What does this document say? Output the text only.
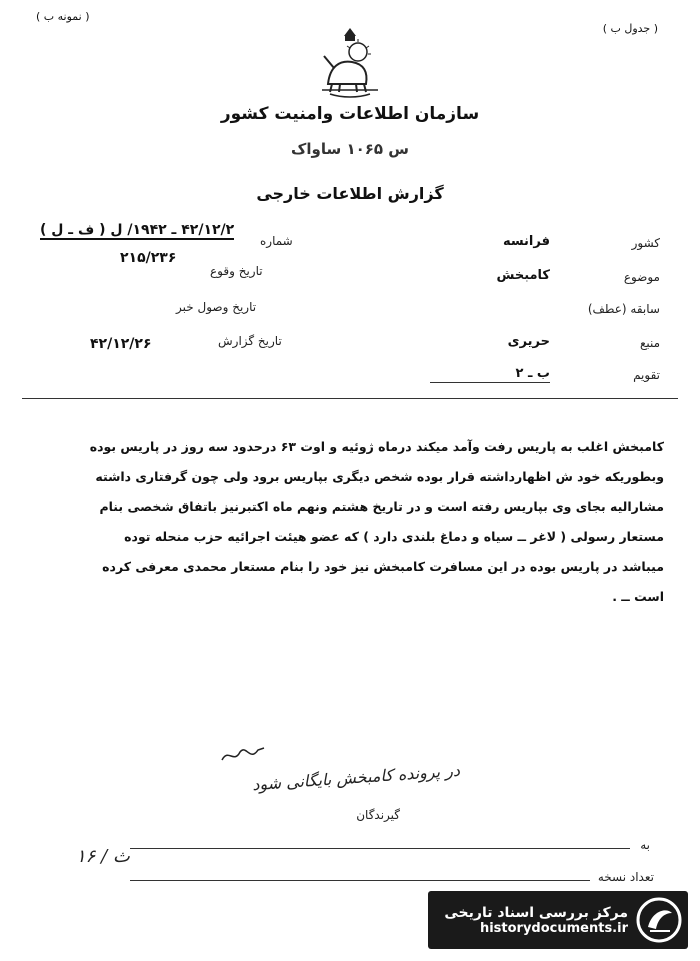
( نمونه ب )
( جدول ب )
سازمان اطلاعات وامنیت کشور
س ۱۰۶۵ ساواک
گزارش اطلاعات خارجی
کشور
فرانسه
موضوع
کامبخش
سابقه (عطف)
منبع
حریری
تقویم
ب ـ ۲
شماره
۴۲/۱۲/۲ ـ ۱۹۴۲/ ل ( ف ـ ل )
تاریخ وقوع
۲۱۵/۲۳۶
تاریخ وصول خبر
تاریخ گزارش
۴۲/۱۲/۲۶
کامبخش اغلب به پاریس رفت وآمد میکند درماه ژوئیه و اوت ۶۳ درحدود سه روز در پاریس بوده
وبطوریکه خود ش اظهارداشته قرار بوده شخص دیگری بپاریس برود ولی چون گرفتاری داشته
مشارالیه بجای وی بپاریس رفته است و در تاریخ هشتم ونهم ماه اکتبرنیز باتفاق شخصی بنام
مستعار رسولی ( لاغر ــ سیاه و دماغ بلندی دارد ) که عضو هیئت اجرائیه حزب منحله توده
میباشد در پاریس بوده در این مسافرت کامبخش نیز خود را بنام مستعار محمدی معرفی کرده
است ــ .
در پرونده کامبخش بایگانی شود
گیرندگان
به
ث / ۱۶
تعداد نسخه
مرکز بررسی اسناد تاریخی
historydocuments.ir
